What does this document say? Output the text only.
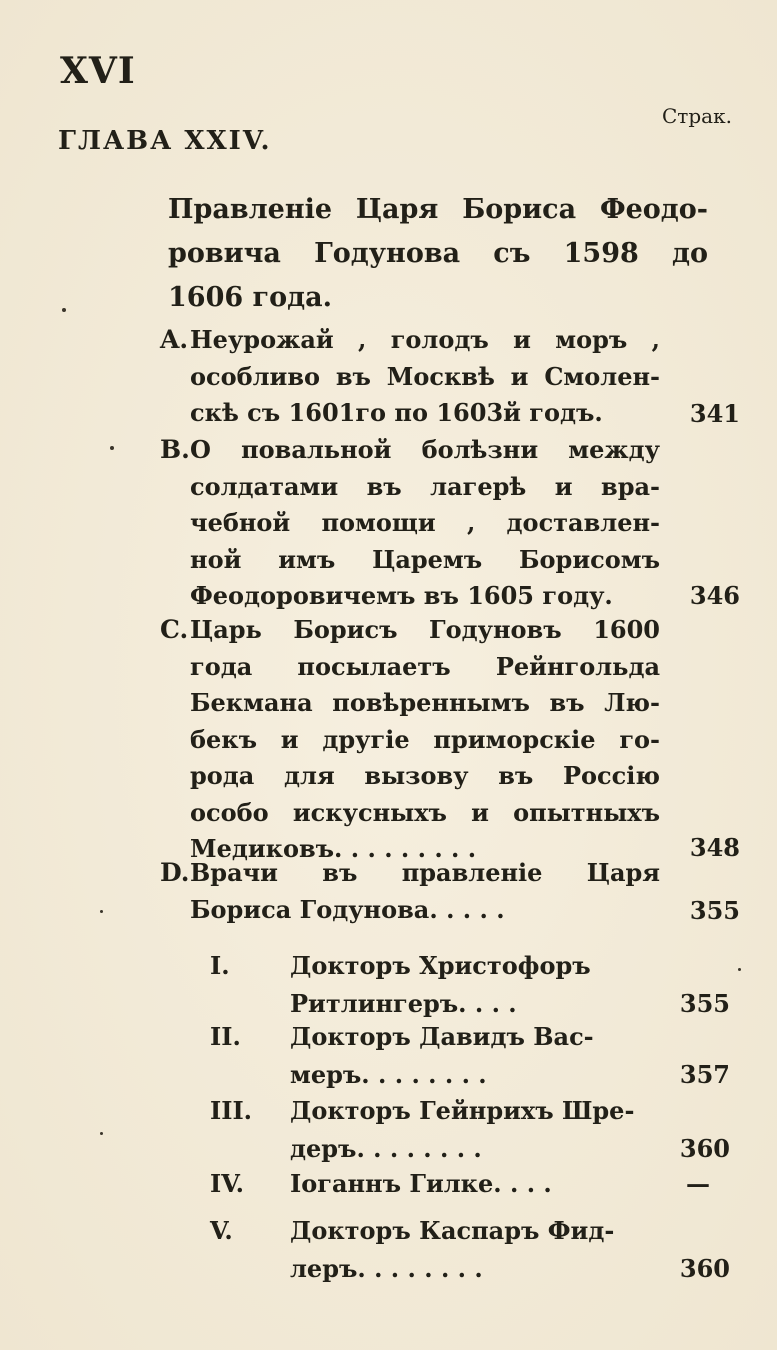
XVI
Страк.
ГЛАВА XXIV.
Правленіе Царя Бориса Феодо-
ровича Годунова съ 1598 до
1606 года.
A. Неурожай , голодъ и моръ ,
особливо въ Москвѣ и Смолен-
скѣ съ 1601го по 1603й годъ.	341
B. О повальной болѣзни между
солдатами въ лагерѣ и вра-
чебной помощи , доставлен-
ной имъ Царемъ Борисомъ
Феодоровичемъ въ 1605 году.	346
C. Царь Борисъ Годуновъ 1600
года посылаетъ Рейнгольда
Бекмана повѣреннымъ въ Лю-
бекъ и другіе приморскіе го-
рода для вызову въ Россію
особо искусныхъ и опытныхъ
Медиковъ. . . . . . . . .	348
D. Врачи въ правленіе Царя
Бориса Годунова. . . . .	355
I.	Докторъ Христофоръ
Ритлингеръ. . . .	355
II. Докторъ Давидъ Вас-
меръ. . . . . . . .	357
III. Докторъ Гейнрихъ Шре-
деръ. . . . . . . .	360
IV. Іоганнъ Гилке. . . .	—
V. Докторъ Каспаръ Фид-
леръ. . . . . . . .	360
